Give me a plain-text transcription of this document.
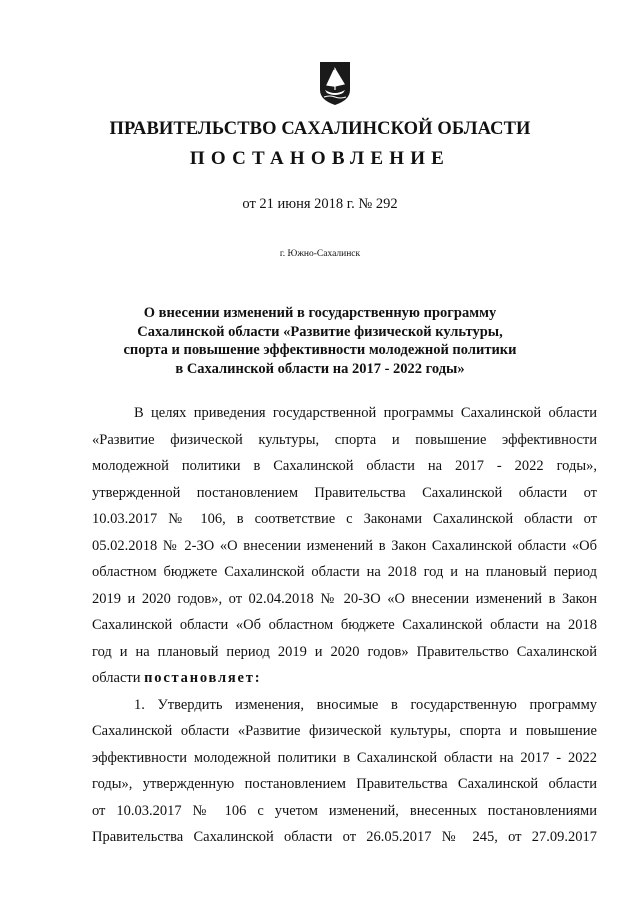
ПРАВИТЕЛЬСТВО САХАЛИНСКОЙ ОБЛАСТИ
ПОСТАНОВЛЕНИЕ
от 21 июня 2018 г. № 292
г. Южно-Сахалинск
О внесении изменений в государственную программу
Сахалинской области «Развитие физической культуры,
спорта и повышение эффективности молодежной политики
в Сахалинской области на 2017 - 2022 годы»
В целях приведения государственной программы Сахалинской области
«Развитие физической культуры, спорта и повышение эффективности
молодежной политики в Сахалинской области на 2017 - 2022 годы»,
утвержденной постановлением Правительства Сахалинской области от
10.03.2017 № 106, в соответствие с Законами Сахалинской области от
05.02.2018 № 2-ЗО «О внесении изменений в Закон Сахалинской области «Об
областном бюджете Сахалинской области на 2018 год и на плановый период
2019 и 2020 годов», от 02.04.2018 № 20-ЗО «О внесении изменений в Закон
Сахалинской области «Об областном бюджете Сахалинской области на 2018
год и на плановый период 2019 и 2020 годов» Правительство Сахалинской
области постановляет:
1. Утвердить изменения, вносимые в государственную программу
Сахалинской области «Развитие физической культуры, спорта и повышение
эффективности молодежной политики в Сахалинской области на 2017 - 2022
годы», утвержденную постановлением Правительства Сахалинской области
от 10.03.2017 № 106 с учетом изменений, внесенных постановлениями
Правительства Сахалинской области от 26.05.2017 № 245, от 27.09.2017
